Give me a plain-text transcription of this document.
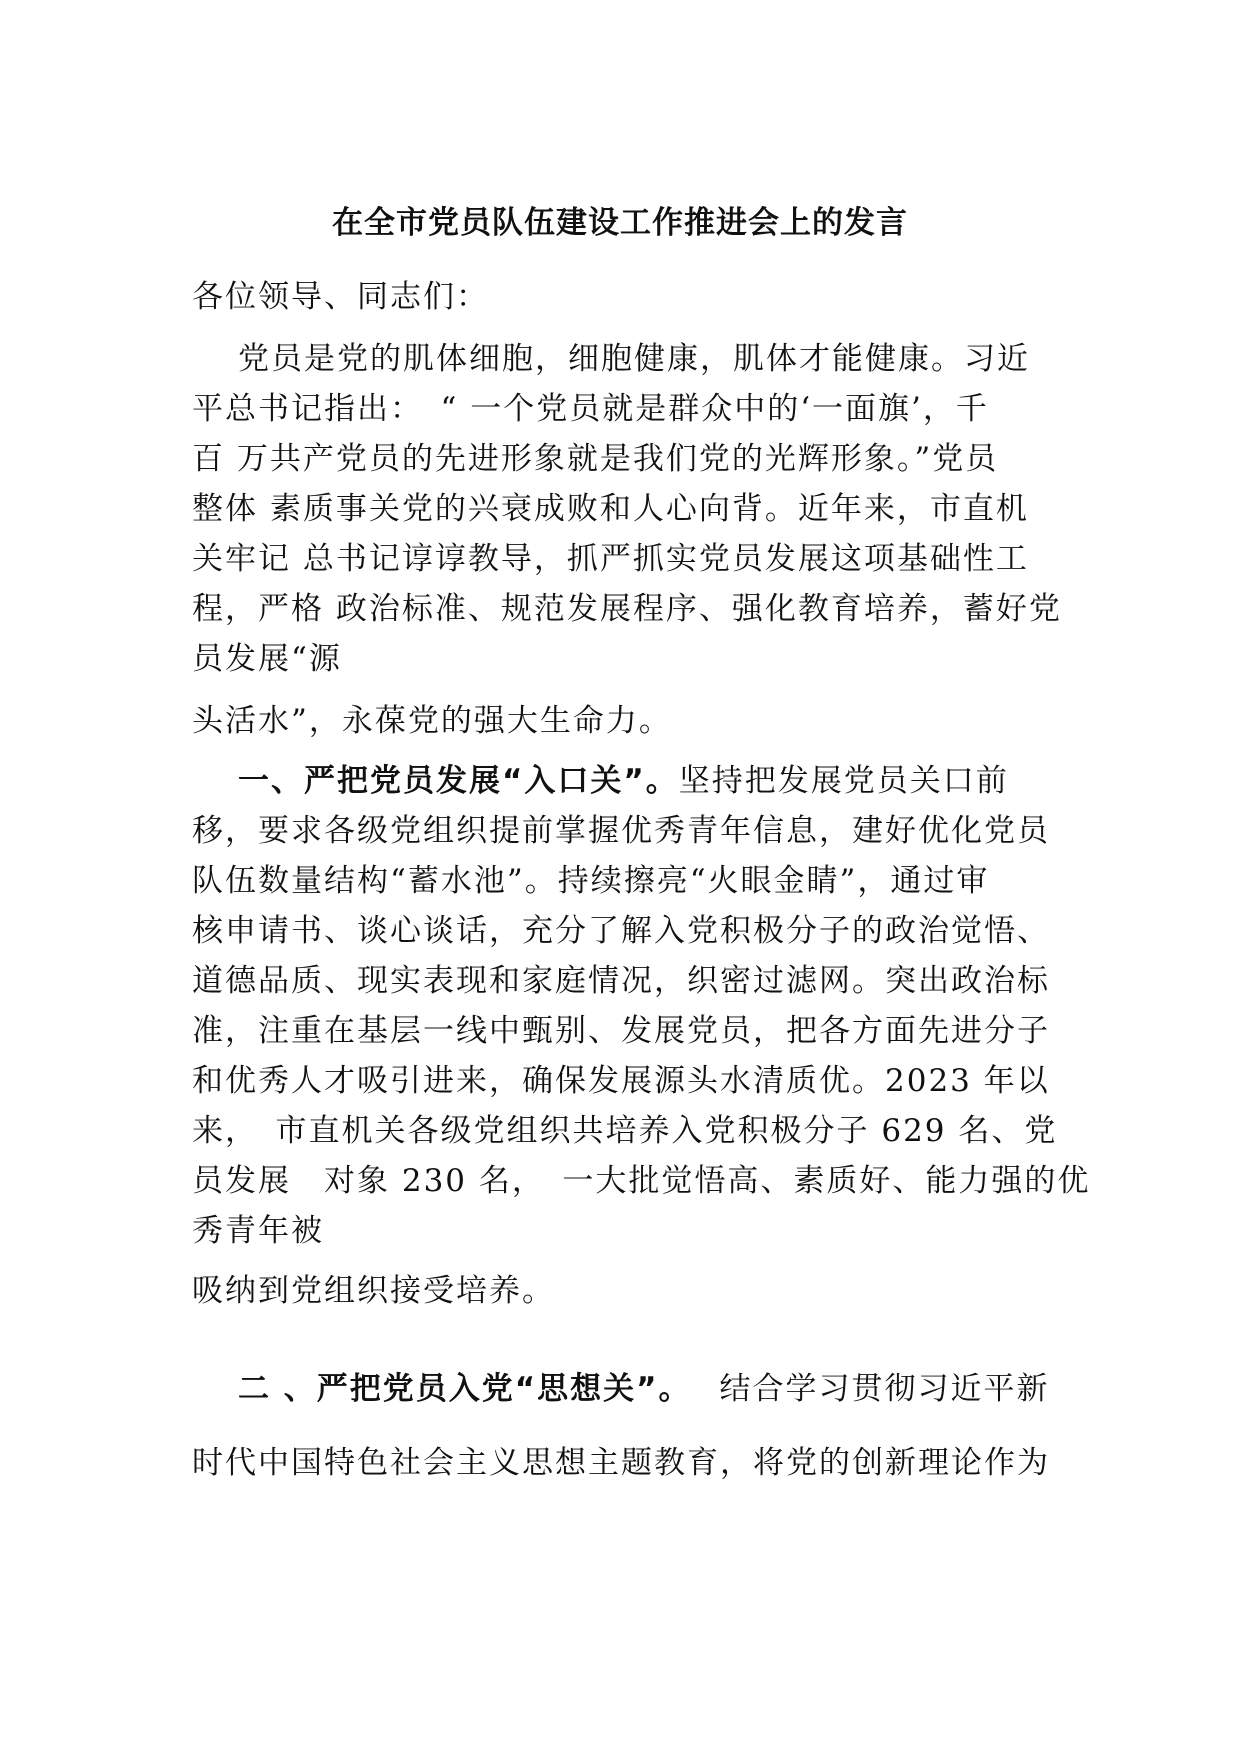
在全市党员队伍建设工作推进会上的发言
各位领导、同志们：
党员是党的肌体细胞，细胞健康，肌体才能健康。习近
平总书记指出：　“ 一个党员就是群众中的‘一面旗’，千
百 万共产党员的先进形象就是我们党的光辉形象。”党员
整体 素质事关党的兴衰成败和人心向背。近年来，市直机
关牢记 总书记谆谆教导，抓严抓实党员发展这项基础性工
程，严格 政治标准、规范发展程序、强化教育培养，蓄好党
员发展“源
头活水”，永葆党的强大生命力。
一、严把党员发展“入口关”。坚持把发展党员关口前
移，要求各级党组织提前掌握优秀青年信息，建好优化党员
队伍数量结构“蓄水池”。持续擦亮“火眼金睛”，通过审
核申请书、谈心谈话，充分了解入党积极分子的政治觉悟、
道德品质、现实表现和家庭情况，织密过滤网。突出政治标
准，注重在基层一线中甄别、发展党员，把各方面先进分子
和优秀人才吸引进来，确保发展源头水清质优。2023 年以
来，　市直机关各级党组织共培养入党积极分子 629 名、党
员发展　对象 230 名，　一大批觉悟高、素质好、能力强的优
秀青年被
吸纳到党组织接受培养。
二 、严把党员入党“思想关”。 结合学习贯彻习近平新
时代中国特色社会主义思想主题教育，将党的创新理论作为
